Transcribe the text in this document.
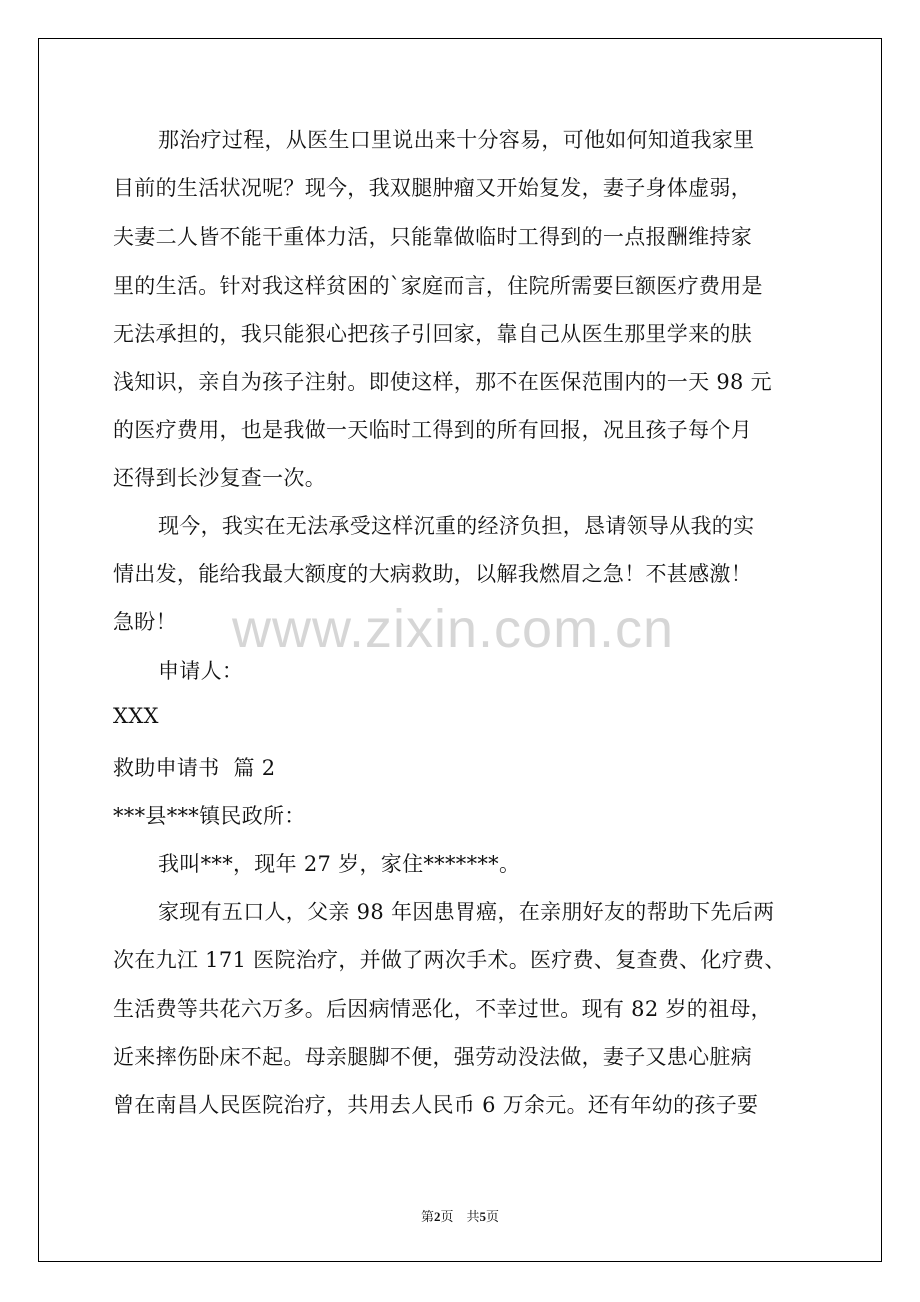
www.zixin.com.cn
那治疗过程，从医生口里说出来十分容易，可他如何知道我家里
目前的生活状况呢？现今，我双腿肿瘤又开始复发，妻子身体虚弱，
夫妻二人皆不能干重体力活，只能靠做临时工得到的一点报酬维持家
里的生活。针对我这样贫困的`家庭而言，住院所需要巨额医疗费用是
无法承担的，我只能狠心把孩子引回家，靠自己从医生那里学来的肤
浅知识，亲自为孩子注射。即使这样，那不在医保范围内的一天 98 元
的医疗费用，也是我做一天临时工得到的所有回报，况且孩子每个月
还得到长沙复查一次。
现今，我实在无法承受这样沉重的经济负担，恳请领导从我的实
情出发，能给我最大额度的大病救助，以解我燃眉之急！不甚感激！
急盼！
申请人：
XXX
救助申请书  篇 2
***县***镇民政所：
我叫***，现年 27 岁，家住*******。
家现有五口人，父亲 98 年因患胃癌，在亲朋好友的帮助下先后两
次在九江 171 医院治疗，并做了两次手术。医疗费、复查费、化疗费、
生活费等共花六万多。后因病情恶化，不幸过世。现有 82 岁的祖母，
近来摔伤卧床不起。母亲腿脚不便，强劳动没法做，妻子又患心脏病
曾在南昌人民医院治疗，共用去人民币 6 万余元。还有年幼的孩子要
第2页    共5页
